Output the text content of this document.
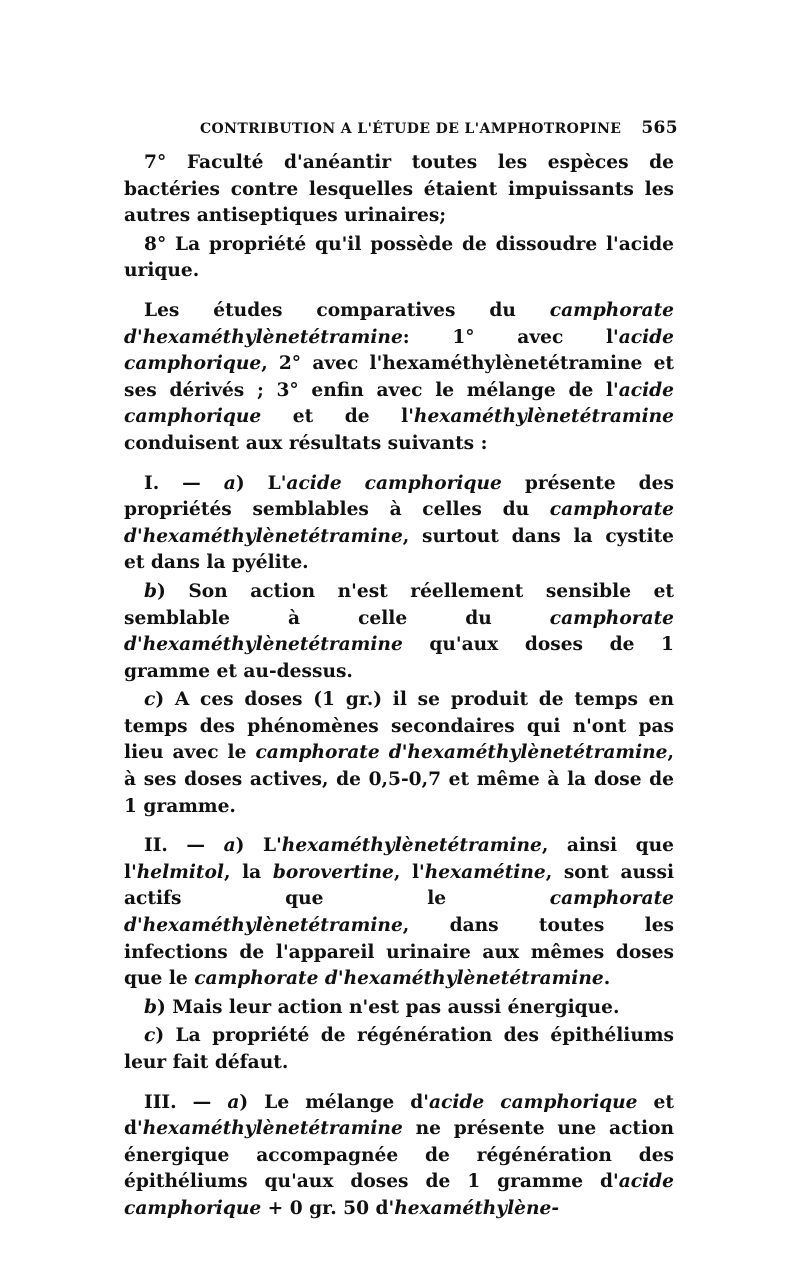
CONTRIBUTION A L'ÉTUDE DE L'AMPHOTROPINE 565

7° Faculté d'anéantir toutes les espèces de bactéries contre lesquelles étaient impuissants les autres antiseptiques urinaires;

8° La propriété qu'il possède de dissoudre l'acide urique.

Les études comparatives du camphorate d'hexaméthylènetétramine: 1° avec l'acide camphorique, 2° avec l'hexaméthylènetétramine et ses dérivés ; 3° enfin avec le mélange de l'acide camphorique et de l'hexaméthylènetétramine conduisent aux résultats suivants :

I. — a) L'acide camphorique présente des propriétés semblables à celles du camphorate d'hexaméthylènetétramine, surtout dans la cystite et dans la pyélite.

b) Son action n'est réellement sensible et semblable à celle du camphorate d'hexaméthylènetétramine qu'aux doses de 1 gramme et au-dessus.

c) A ces doses (1 gr.) il se produit de temps en temps des phénomènes secondaires qui n'ont pas lieu avec le camphorate d'hexaméthylènetétramine, à ses doses actives, de 0,5-0,7 et même à la dose de 1 gramme.

II. — a) L'hexaméthylènetétramine, ainsi que l'helmitol, la borovertine, l'hexamétine, sont aussi actifs que le camphorate d'hexaméthylènetétramine, dans toutes les infections de l'appareil urinaire aux mêmes doses que le camphorate d'hexaméthylènetétramine.

b) Mais leur action n'est pas aussi énergique.

c) La propriété de régénération des épithéliums leur fait défaut.

III. — a) Le mélange d'acide camphorique et d'hexaméthylènetétramine ne présente une action énergique accompagnée de régénération des épithéliums qu'aux doses de 1 gramme d'acide camphorique + 0 gr. 50 d'hexaméthylène-
